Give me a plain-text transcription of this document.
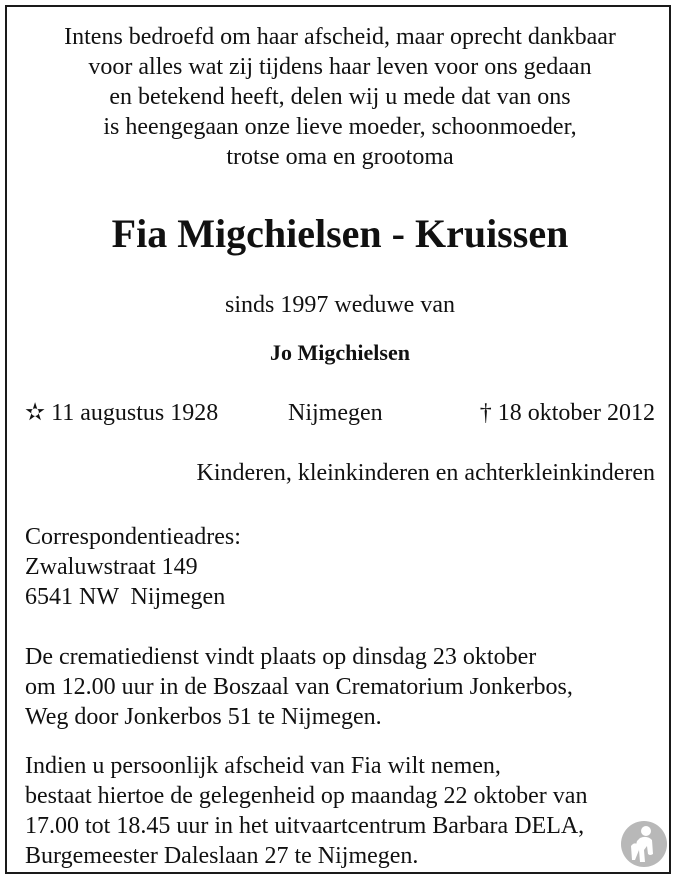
Intens bedroefd om haar afscheid, maar oprecht dankbaar
voor alles wat zij tijdens haar leven voor ons gedaan
en betekend heeft, delen wij u mede dat van ons
is heengegaan onze lieve moeder, schoonmoeder,
trotse oma en grootoma

Fia Migchielsen - Kruissen
sinds 1997 weduwe van
Jo Migchielsen
✫ 11 augustus 1928	Nijmegen	† 18 oktober 2012
Kinderen, kleinkinderen en achterkleinkinderen
Correspondentieadres:
Zwaluwstraat 149
6541 NW  Nijmegen

De crematiedienst vindt plaats op dinsdag 23 oktober
om 12.00 uur in de Boszaal van Crematorium Jonkerbos,
Weg door Jonkerbos 51 te Nijmegen.

Indien u persoonlijk afscheid van Fia wilt nemen,
bestaat hiertoe de gelegenheid op maandag 22 oktober van
17.00 tot 18.45 uur in het uitvaartcentrum Barbara DELA,
Burgemeester Daleslaan 27 te Nijmegen.
